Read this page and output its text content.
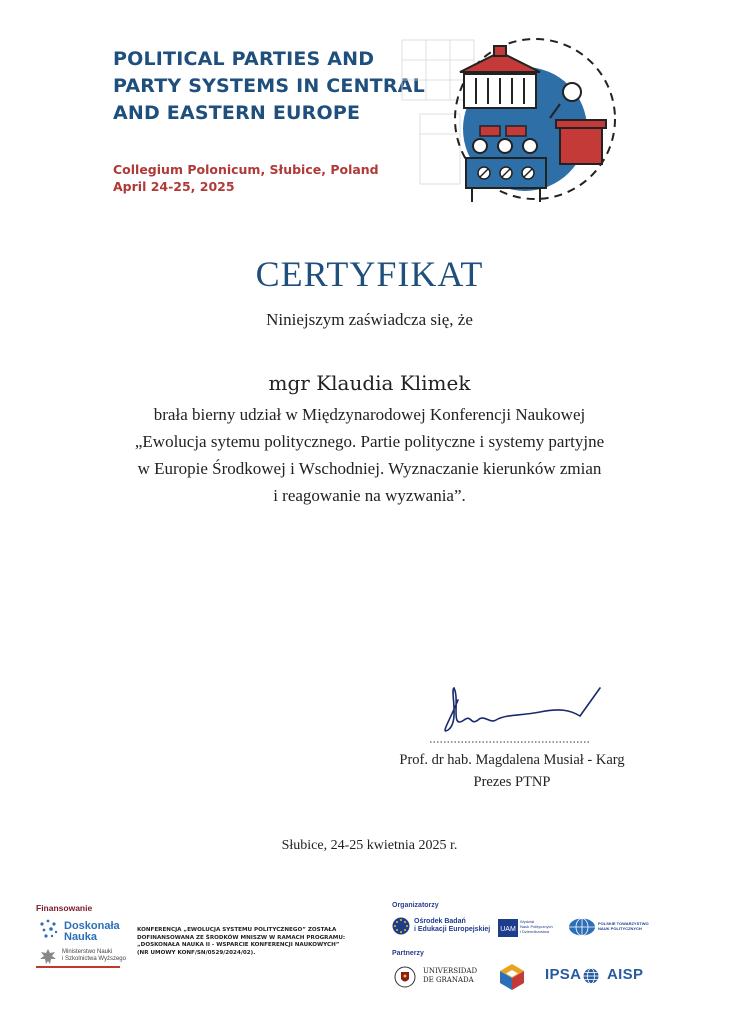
POLITICAL PARTIES AND
PARTY SYSTEMS IN CENTRAL
AND EASTERN EUROPE
Collegium Polonicum, Słubice, Poland
April 24-25, 2025
CERTYFIKAT
Niniejszym zaświadcza się, że
mgr Klaudia Klimek
brała bierny udział w Międzynarodowej Konferencji Naukowej
„Ewolucja sytemu politycznego. Partie polityczne i systemy partyjne
w Europie Środkowej i Wschodniej. Wyznaczanie kierunków zmian
i reagowanie na wyzwania”.
Prof. dr hab. Magdalena Musiał - Karg
Prezes PTNP
Słubice, 24-25 kwietnia 2025 r.
Finansowanie
Doskonała
Nauka
Ministerstwo Nauki
i Szkolnictwa Wyższego
KONFERENCJA „EWOLUCJA SYSTEMU POLITYCZNEGO” ZOSTAŁA
DOFINANSOWANA ZE ŚRODKÓW MNISZW W RAMACH PROGRAMU:
„DOSKONAŁA NAUKA II - WSPARCIE KONFERENCJI NAUKOWYCH”
(NR UMOWY KONF/SN/0529/2024/02).
Organizatorzy
Ośrodek Badań
i Edukacji Europejskiej UAM
Wydział
Nauk Politycznych
i Dziennikarstwa
POLSKIE TOWARZYSTWO
NAUK POLITYCZNYCH
Partnerzy
UNIVERSIDAD
DE GRANADA	IPSA AISP
